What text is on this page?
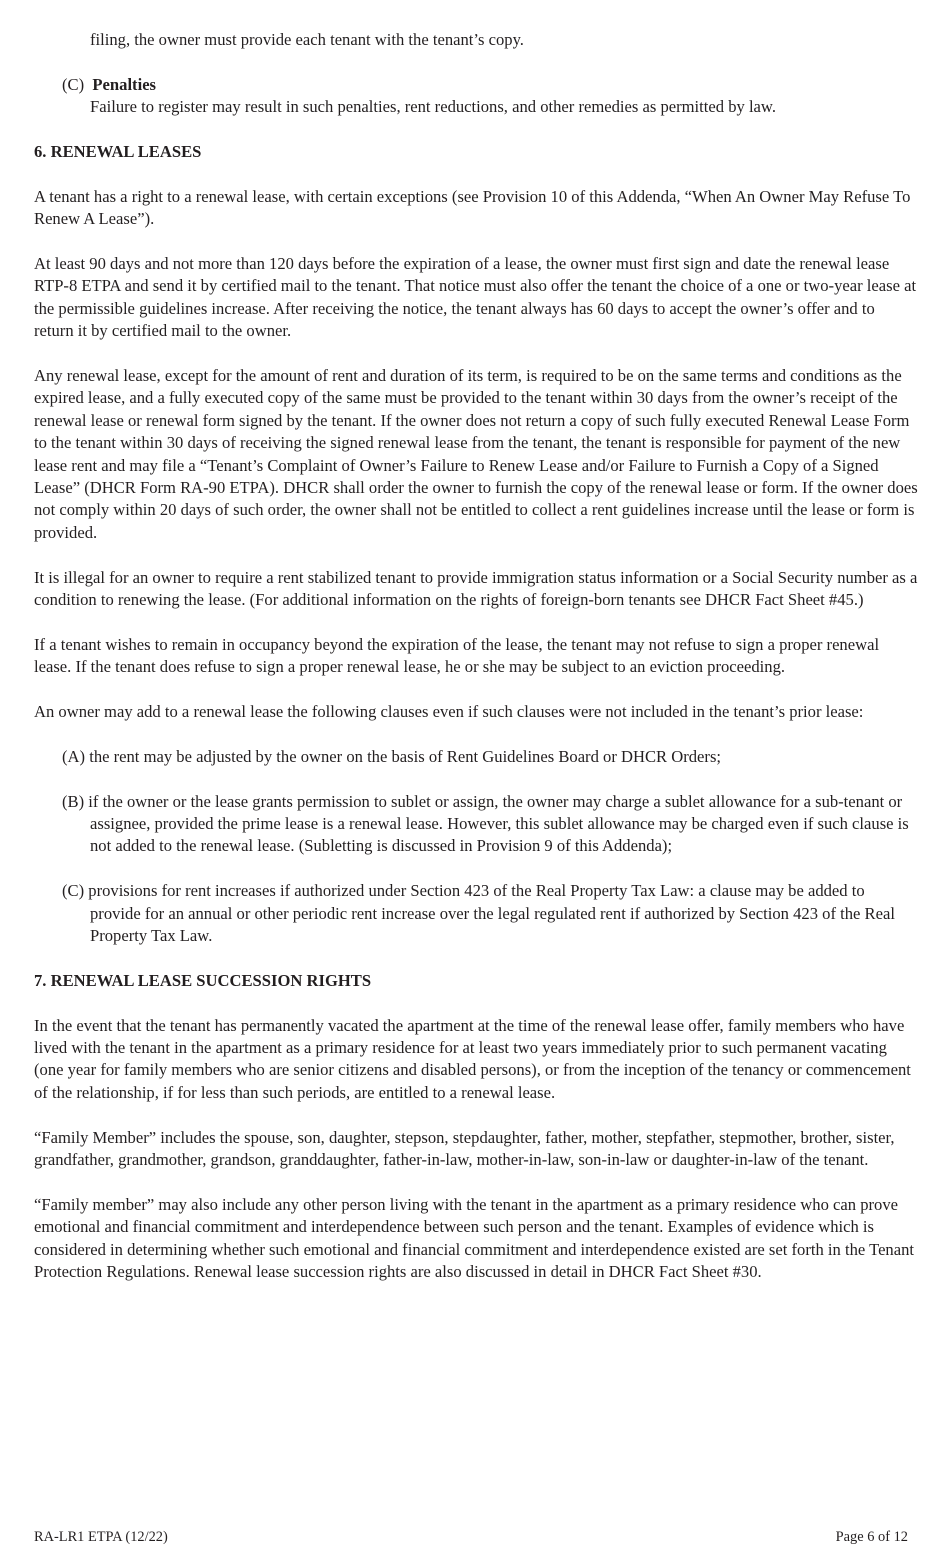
filing, the owner must provide each tenant with the tenant’s copy.

(C) Penalties
Failure to register may result in such penalties, rent reductions, and other remedies as permitted by law.

6. RENEWAL LEASES

A tenant has a right to a renewal lease, with certain exceptions (see Provision 10 of this Addenda, “When An Owner May Refuse To Renew A Lease”).

At least 90 days and not more than 120 days before the expiration of a lease, the owner must first sign and date the renewal lease RTP-8 ETPA and send it by certified mail to the tenant. That notice must also offer the tenant the choice of a one or two-year lease at the permissible guidelines increase. After receiving the notice, the tenant always has 60 days to accept the owner’s offer and to return it by certified mail to the owner.

Any renewal lease, except for the amount of rent and duration of its term, is required to be on the same terms and conditions as the expired lease, and a fully executed copy of the same must be provided to the tenant within 30 days from the owner’s receipt of the renewal lease or renewal form signed by the tenant. If the owner does not return a copy of such fully executed Renewal Lease Form to the tenant within 30 days of receiving the signed renewal lease from the tenant, the tenant is responsible for payment of the new lease rent and may file a “Tenant’s Complaint of Owner’s Failure to Renew Lease and/or Failure to Furnish a Copy of a Signed Lease” (DHCR Form RA-90 ETPA). DHCR shall order the owner to furnish the copy of the renewal lease or form. If the owner does not comply within 20 days of such order, the owner shall not be entitled to collect a rent guidelines increase until the lease or form is provided.

It is illegal for an owner to require a rent stabilized tenant to provide immigration status information or a Social Security number as a condition to renewing the lease. (For additional information on the rights of foreign-born tenants see DHCR Fact Sheet #45.)

If a tenant wishes to remain in occupancy beyond the expiration of the lease, the tenant may not refuse to sign a proper renewal lease. If the tenant does refuse to sign a proper renewal lease, he or she may be subject to an eviction proceeding.

An owner may add to a renewal lease the following clauses even if such clauses were not included in the tenant’s prior lease:

(A) the rent may be adjusted by the owner on the basis of Rent Guidelines Board or DHCR Orders;

(B) if the owner or the lease grants permission to sublet or assign, the owner may charge a sublet allowance for a sub-tenant or assignee, provided the prime lease is a renewal lease. However, this sublet allowance may be charged even if such clause is not added to the renewal lease. (Subletting is discussed in Provision 9 of this Addenda);

(C) provisions for rent increases if authorized under Section 423 of the Real Property Tax Law: a clause may be added to provide for an annual or other periodic rent increase over the legal regulated rent if authorized by Section 423 of the Real Property Tax Law.

7. RENEWAL LEASE SUCCESSION RIGHTS

In the event that the tenant has permanently vacated the apartment at the time of the renewal lease offer, family members who have lived with the tenant in the apartment as a primary residence for at least two years immediately prior to such permanent vacating (one year for family members who are senior citizens and disabled persons), or from the inception of the tenancy or commencement of the relationship, if for less than such periods, are entitled to a renewal lease.

“Family Member” includes the spouse, son, daughter, stepson, stepdaughter, father, mother, stepfather, stepmother, brother, sister, grandfather, grandmother, grandson, granddaughter, father-in-law, mother-in-law, son-in-law or daughter-in-law of the tenant.

“Family member” may also include any other person living with the tenant in the apartment as a primary residence who can prove emotional and financial commitment and interdependence between such person and the tenant. Examples of evidence which is considered in determining whether such emotional and financial commitment and interdependence existed are set forth in the Tenant Protection Regulations. Renewal lease succession rights are also discussed in detail in DHCR Fact Sheet #30.

RA-LR1 ETPA (12/22)	Page 6 of 12
